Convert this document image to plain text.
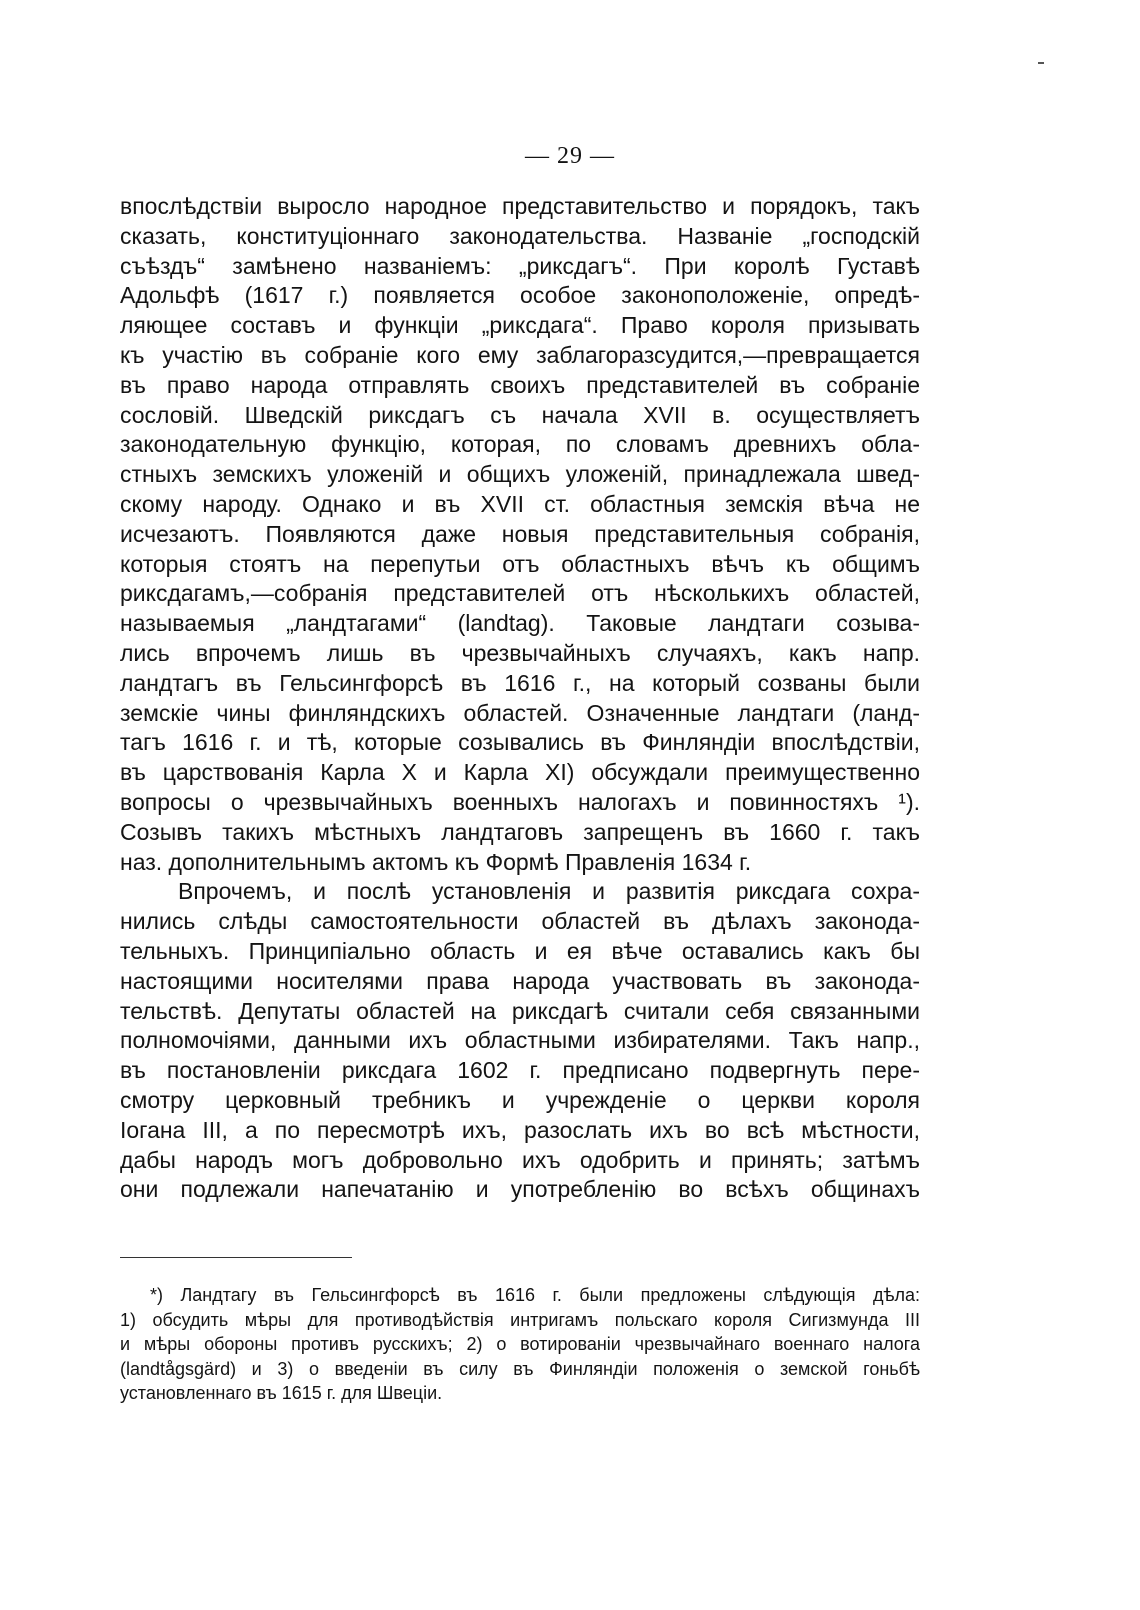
— 29 —
впослѣдствіи выросло народное представительство и порядокъ, такъ
сказать, конституціоннаго законодательства. Названіе „господскій
съѣздъ“ замѣнено названіемъ: „риксдагъ“. При королѣ Густавѣ
Адольфѣ (1617 г.) появляется особое законоположеніе, опредѣ-
ляющее составъ и функціи „риксдага“. Право короля призывать
къ участію въ собраніе кого ему заблагоразсудится,—превращается
въ право народа отправлять своихъ представителей въ собраніе
сословій. Шведскій риксдагъ съ начала XVII в. осуществляетъ
законодательную функцію, которая, по словамъ древнихъ обла-
стныхъ земскихъ уложеній и общихъ уложеній, принадлежала швед-
скому народу. Однако и въ XVII ст. областныя земскія вѣча не
исчезаютъ. Появляются даже новыя представительныя собранія,
которыя стоятъ на перепутьи отъ областныхъ вѣчъ къ общимъ
риксдагамъ,—собранія представителей отъ нѣсколькихъ областей,
называемыя „ландтагами“ (landtag). Таковые ландтаги созыва-
лись впрочемъ лишь въ чрезвычайныхъ случаяхъ, какъ напр.
ландтагъ въ Гельсингфорсѣ въ 1616 г., на который созваны были
земскіе чины финляндскихъ областей. Означенные ландтаги (ланд-
тагъ 1616 г. и тѣ, которые созывались въ Финляндіи впослѣдствіи,
въ царствованія Карла X и Карла XI) обсуждали преимущественно
вопросы о чрезвычайныхъ военныхъ налогахъ и повинностяхъ ¹).
Созывъ такихъ мѣстныхъ ландтаговъ запрещенъ въ 1660 г. такъ
наз. дополнительнымъ актомъ къ Формѣ Правленія 1634 г.
Впрочемъ, и послѣ установленія и развитія риксдага сохра-
нились слѣды самостоятельности областей въ дѣлахъ законода-
тельныхъ. Принципіально область и ея вѣче оставались какъ бы
настоящими носителями права народа участвовать въ законода-
тельствѣ. Депутаты областей на риксдагѣ считали себя связанными
полномочіями, данными ихъ областными избирателями. Такъ напр.,
въ постановленіи риксдага 1602 г. предписано подвергнуть пере-
смотру церковный требникъ и учрежденіе о церкви короля
Іогана III, а по пересмотрѣ ихъ, разослать ихъ во всѣ мѣстности,
дабы народъ могъ добровольно ихъ одобрить и принять; затѣмъ
они подлежали напечатанію и употребленію во всѣхъ общинахъ
*) Ландтагу въ Гельсингфорсѣ въ 1616 г. были предложены слѣдующія дѣла:
1) обсудить мѣры для противодѣйствія интригамъ польскаго короля Сигизмунда III
и мѣры обороны противъ русскихъ; 2) о вотированіи чрезвычайнаго военнаго налога
(landtågsgärd) и 3) о введеніи въ силу въ Финляндіи положенія о земской гоньбѣ
установленнаго въ 1615 г. для Швеціи.
